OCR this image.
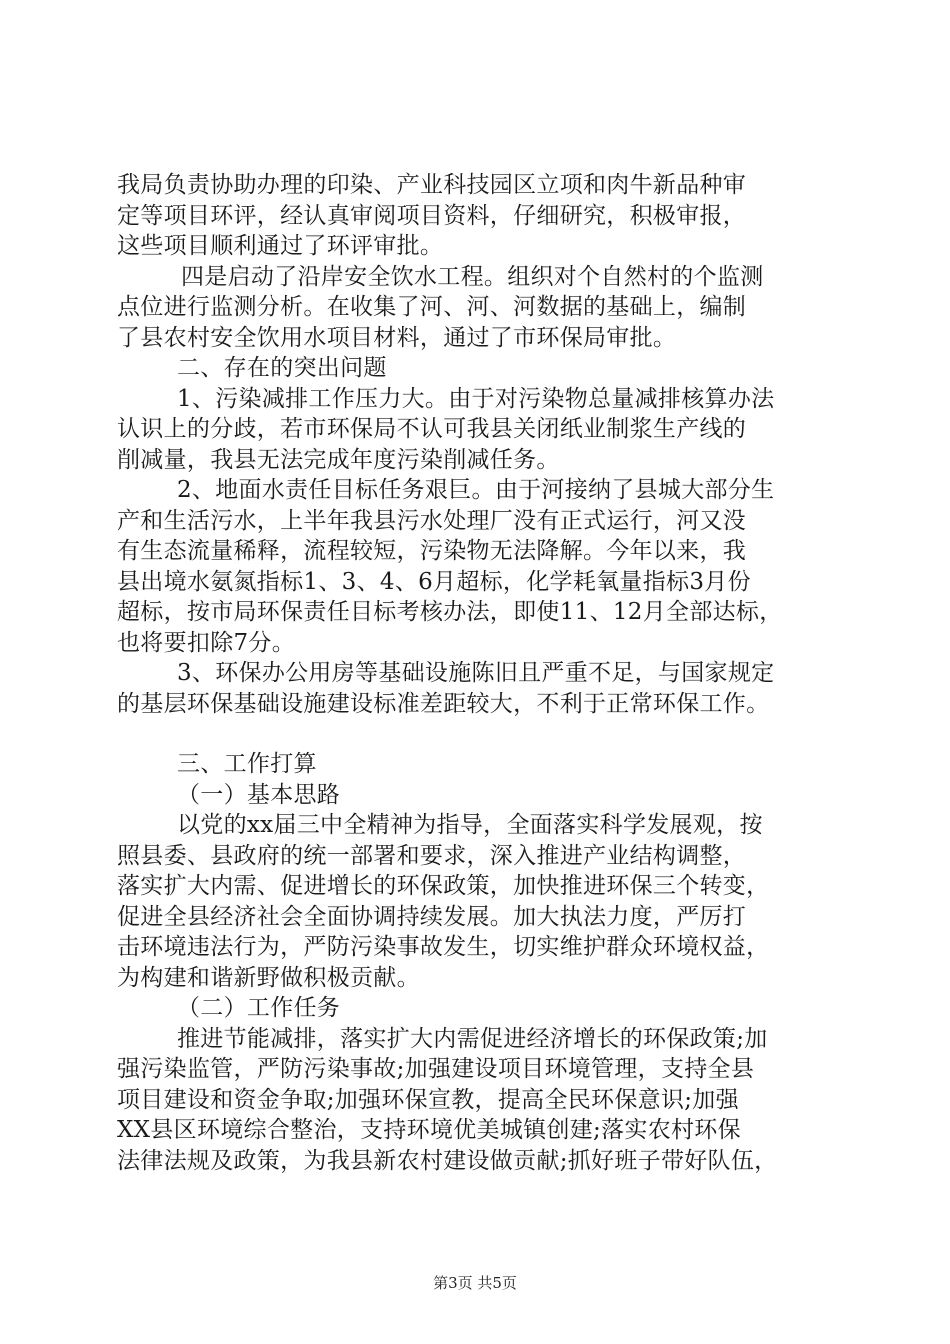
我局负责协助办理的印染、产业科技园区立项和肉牛新品种审
定等项目环评，经认真审阅项目资料，仔细研究，积极审报，
这些项目顺利通过了环评审批。
四是启动了沿岸安全饮水工程。组织对个自然村的个监测
点位进行监测分析。在收集了河、河、河数据的基础上，编制
了县农村安全饮用水项目材料，通过了市环保局审批。
二、存在的突出问题
1、污染减排工作压力大。由于对污染物总量减排核算办法
认识上的分歧，若市环保局不认可我县关闭纸业制浆生产线的
削减量，我县无法完成年度污染削减任务。
2、地面水责任目标任务艰巨。由于河接纳了县城大部分生
产和生活污水，上半年我县污水处理厂没有正式运行，河又没
有生态流量稀释，流程较短，污染物无法降解。今年以来，我
县出境水氨氮指标1、3、4、6月超标，化学耗氧量指标3月份
超标，按市局环保责任目标考核办法，即使11、12月全部达标，
也将要扣除7分。
3、环保办公用房等基础设施陈旧且严重不足，与国家规定
的基层环保基础设施建设标准差距较大，不利于正常环保工作。
三、工作打算
（一）基本思路
以党的xx届三中全精神为指导，全面落实科学发展观，按
照县委、县政府的统一部署和要求，深入推进产业结构调整，
落实扩大内需、促进增长的环保政策，加快推进环保三个转变，
促进全县经济社会全面协调持续发展。加大执法力度，严厉打
击环境违法行为，严防污染事故发生，切实维护群众环境权益，
为构建和谐新野做积极贡献。
（二）工作任务
推进节能减排，落实扩大内需促进经济增长的环保政策;加
强污染监管，严防污染事故;加强建设项目环境管理，支持全县
项目建设和资金争取;加强环保宣教，提高全民环保意识;加强
XX县区环境综合整治，支持环境优美城镇创建;落实农村环保
法律法规及政策，为我县新农村建设做贡献;抓好班子带好队伍，
第3页 共5页
